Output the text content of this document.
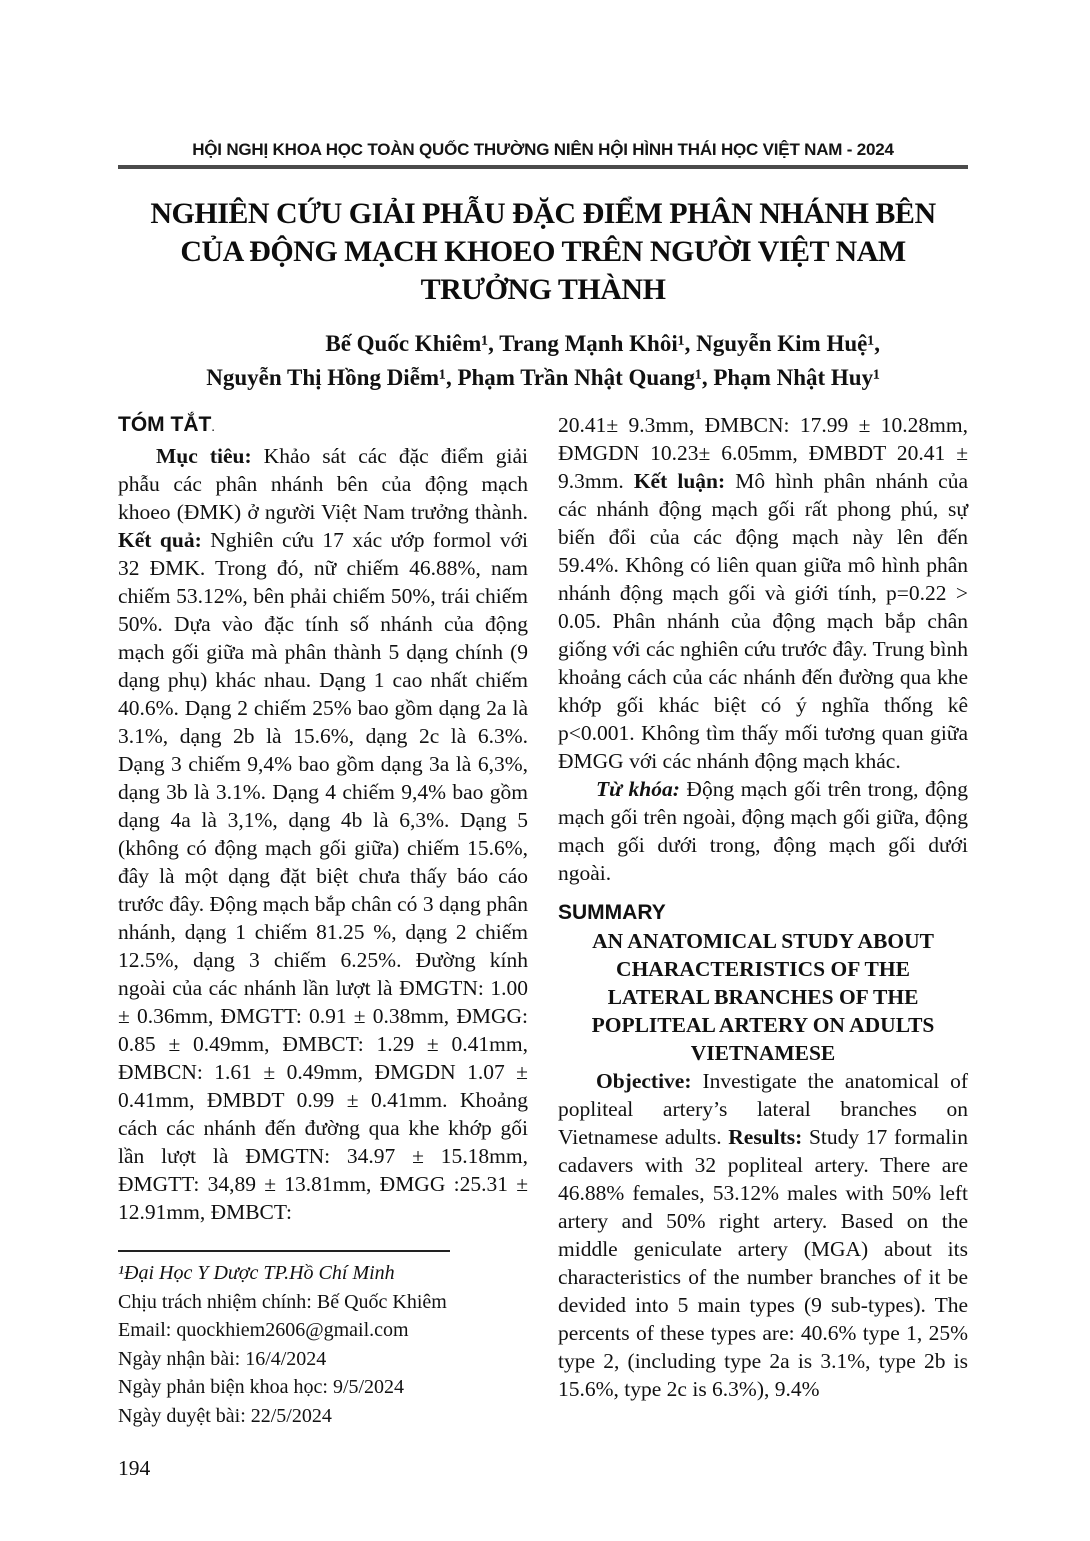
HỘI NGHỊ KHOA HỌC TOÀN QUỐC THƯỜNG NIÊN HỘI HÌNH THÁI HỌC VIỆT NAM - 2024
NGHIÊN CỨU GIẢI PHẪU ĐẶC ĐIỂM PHÂN NHÁNH BÊN
CỦA ĐỘNG MẠCH KHOEO TRÊN NGƯỜI VIỆT NAM TRƯỞNG THÀNH
Bế Quốc Khiêm¹, Trang Mạnh Khôi¹, Nguyễn Kim Huệ¹,
Nguyễn Thị Hồng Diễm¹, Phạm Trần Nhật Quang¹, Phạm Nhật Huy¹
TÓM TẮT.

Mục tiêu: Khảo sát các đặc điểm giải phẫu các phân nhánh bên của động mạch khoeo (ĐMK) ở người Việt Nam trưởng thành. Kết quả: Nghiên cứu 17 xác ướp formol với 32 ĐMK. Trong đó, nữ chiếm 46.88%, nam chiếm 53.12%, bên phải chiếm 50%, trái chiếm 50%. Dựa vào đặc tính số nhánh của động mạch gối giữa mà phân thành 5 dạng chính (9 dạng phụ) khác nhau. Dạng 1 cao nhất chiếm 40.6%. Dạng 2 chiếm 25% bao gồm dạng 2a là 3.1%, dạng 2b là 15.6%, dạng 2c là 6.3%. Dạng 3 chiếm 9,4% bao gồm dạng 3a là 6,3%, dạng 3b là 3.1%. Dạng 4 chiếm 9,4% bao gồm dạng 4a là 3,1%, dạng 4b là 6,3%. Dạng 5 (không có động mạch gối giữa) chiếm 15.6%, đây là một dạng đặt biệt chưa thấy báo cáo trước đây. Động mạch bắp chân có 3 dạng phân nhánh, dạng 1 chiếm 81.25 %, dạng 2 chiếm 12.5%, dạng 3 chiếm 6.25%. Đường kính ngoài của các nhánh lần lượt là ĐMGTN: 1.00 ± 0.36mm, ĐMGTT: 0.91 ± 0.38mm, ĐMGG: 0.85 ± 0.49mm, ĐMBCT: 1.29 ± 0.41mm, ĐMBCN: 1.61 ± 0.49mm, ĐMGDN 1.07 ± 0.41mm, ĐMBDT 0.99 ± 0.41mm. Khoảng cách các nhánh đến đường qua khe khớp gối lần lượt là ĐMGTN: 34.97 ± 15.18mm, ĐMGTT: 34,89 ± 13.81mm, ĐMGG :25.31 ± 12.91mm, ĐMBCT:

¹Đại Học Y Dược TP.Hồ Chí Minh
Chịu trách nhiệm chính: Bế Quốc Khiêm
Email: quockhiem2606@gmail.com
Ngày nhận bài: 16/4/2024
Ngày phản biện khoa học: 9/5/2024
Ngày duyệt bài: 22/5/2024
194

20.41± 9.3mm, ĐMBCN: 17.99 ± 10.28mm, ĐMGDN 10.23± 6.05mm, ĐMBDT 20.41 ± 9.3mm. Kết luận: Mô hình phân nhánh của các nhánh động mạch gối rất phong phú, sự biến đổi của các động mạch này lên đến 59.4%. Không có liên quan giữa mô hình phân nhánh động mạch gối và giới tính, p=0.22 > 0.05. Phân nhánh của động mạch bắp chân giống với các nghiên cứu trước đây. Trung bình khoảng cách của các nhánh đến đường qua khe khớp gối khác biệt có ý nghĩa thống kê p<0.001. Không tìm thấy mối tương quan giữa ĐMGG với các nhánh động mạch khác.

Từ khóa: Động mạch gối trên trong, động mạch gối trên ngoài, động mạch gối giữa, động mạch gối dưới trong, động mạch gối dưới ngoài.

SUMMARY
AN ANATOMICAL STUDY ABOUT CHARACTERISTICS OF THE LATERAL BRANCHES OF THE POPLITEAL ARTERY ON ADULTS VIETNAMESE

Objective: Investigate the anatomical of popliteal artery’s lateral branches on Vietnamese adults. Results: Study 17 formalin cadavers with 32 popliteal artery. There are 46.88% females, 53.12% males with 50% left artery and 50% right artery. Based on the middle geniculate artery (MGA) about its characteristics of the number branches of it be devided into 5 main types (9 sub-types). The percents of these types are: 40.6% type 1, 25% type 2, (including type 2a is 3.1%, type 2b is 15.6%, type 2c is 6.3%), 9.4%
